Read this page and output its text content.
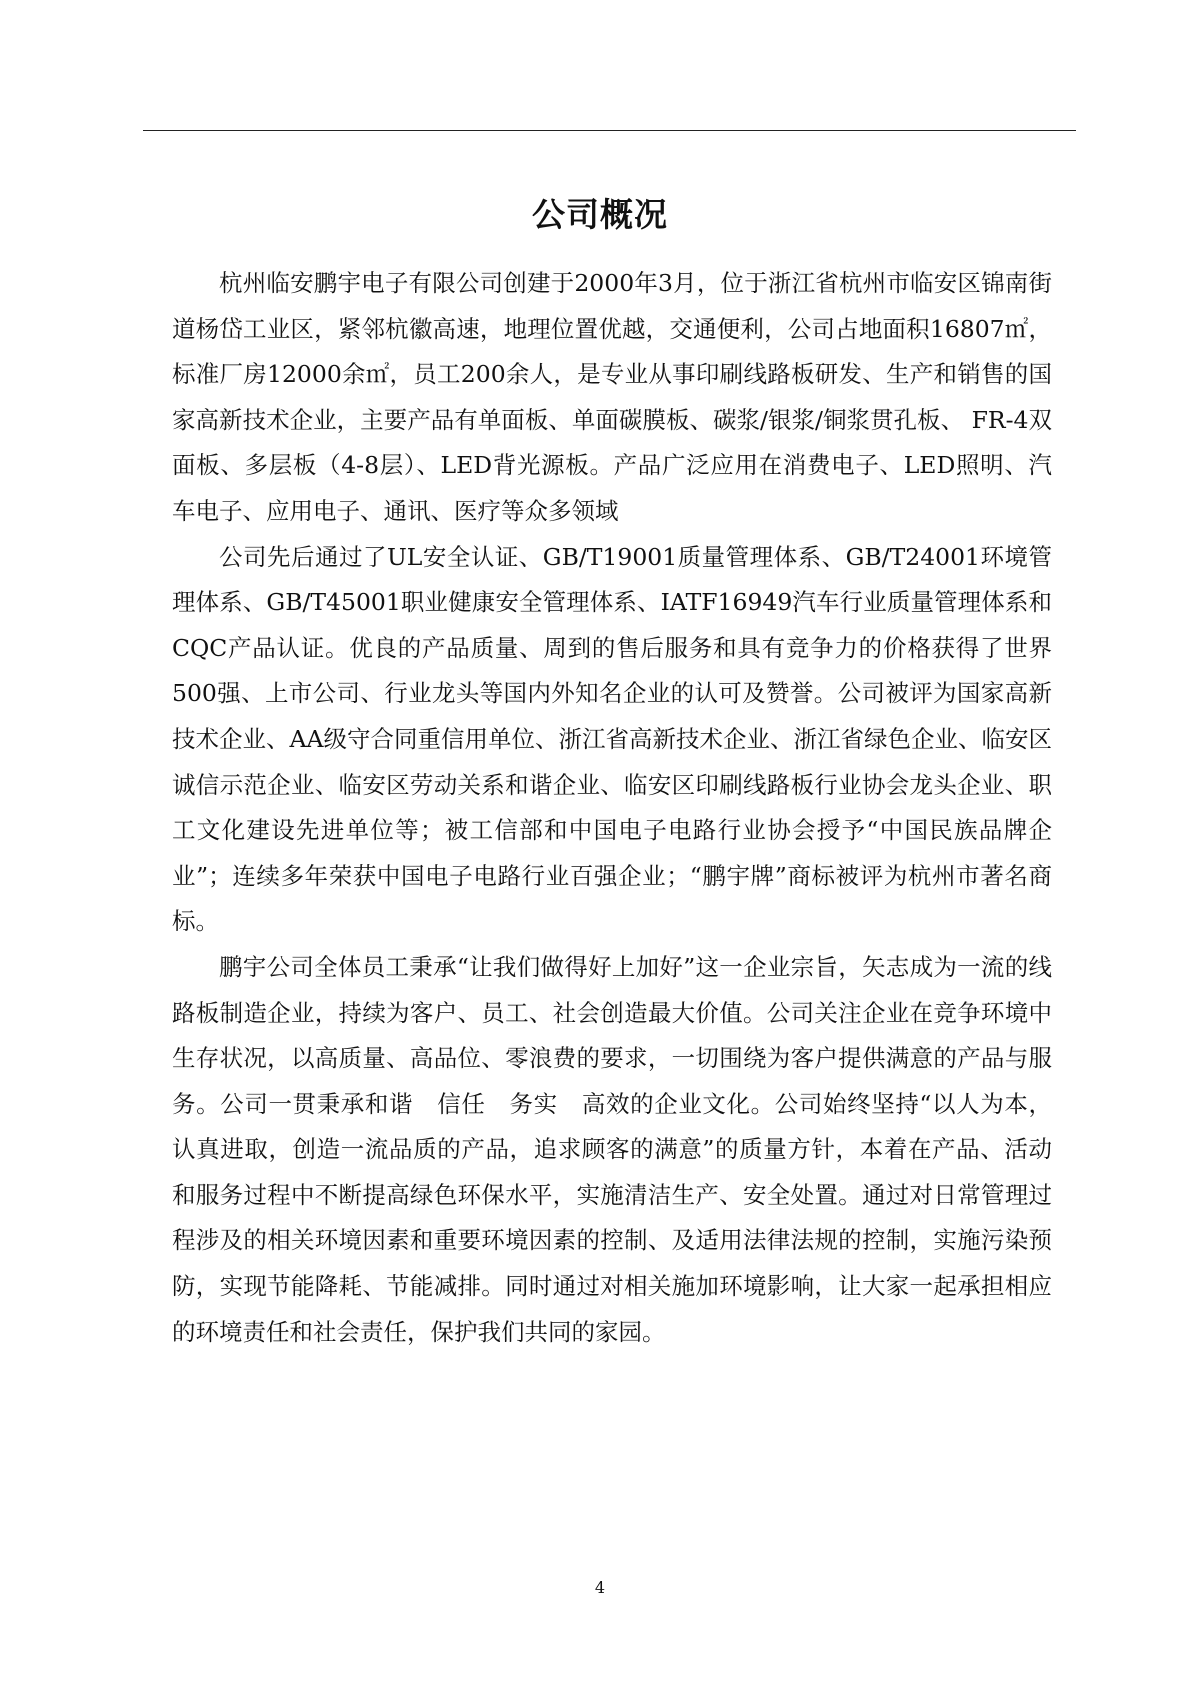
公司概况

杭州临安鹏宇电子有限公司创建于2000年3月，位于浙江省杭州市临安区锦南街道杨岱工业区，紧邻杭徽高速，地理位置优越，交通便利，公司占地面积16807㎡，标准厂房12000余㎡，员工200余人，是专业从事印刷线路板研发、生产和销售的国家高新技术企业，主要产品有单面板、单面碳膜板、碳浆/银浆/铜浆贯孔板、 FR-4双面板、多层板（4-8层）、LED背光源板。产品广泛应用在消费电子、LED照明、汽车电子、应用电子、通讯、医疗等众多领域

公司先后通过了UL安全认证、GB/T19001质量管理体系、GB/T24001环境管理体系、GB/T45001职业健康安全管理体系、IATF16949汽车行业质量管理体系和CQC产品认证。优良的产品质量、周到的售后服务和具有竞争力的价格获得了世界500强、上市公司、行业龙头等国内外知名企业的认可及赞誉。公司被评为国家高新技术企业、AA级守合同重信用单位、浙江省高新技术企业、浙江省绿色企业、临安区诚信示范企业、临安区劳动关系和谐企业、临安区印刷线路板行业协会龙头企业、职工文化建设先进单位等；被工信部和中国电子电路行业协会授予“中国民族品牌企业”；连续多年荣获中国电子电路行业百强企业；“鹏宇牌”商标被评为杭州市著名商标。

鹏宇公司全体员工秉承“让我们做得好上加好”这一企业宗旨，矢志成为一流的线路板制造企业，持续为客户、员工、社会创造最大价值。公司关注企业在竞争环境中生存状况，以高质量、高品位、零浪费的要求，一切围绕为客户提供满意的产品与服务。公司一贯秉承和谐　信任　务实　高效的企业文化。公司始终坚持“以人为本，认真进取，创造一流品质的产品，追求顾客的满意”的质量方针，本着在产品、活动和服务过程中不断提高绿色环保水平，实施清洁生产、安全处置。通过对日常管理过程涉及的相关环境因素和重要环境因素的控制、及适用法律法规的控制，实施污染预防，实现节能降耗、节能减排。同时通过对相关施加环境影响，让大家一起承担相应的环境责任和社会责任，保护我们共同的家园。

4
